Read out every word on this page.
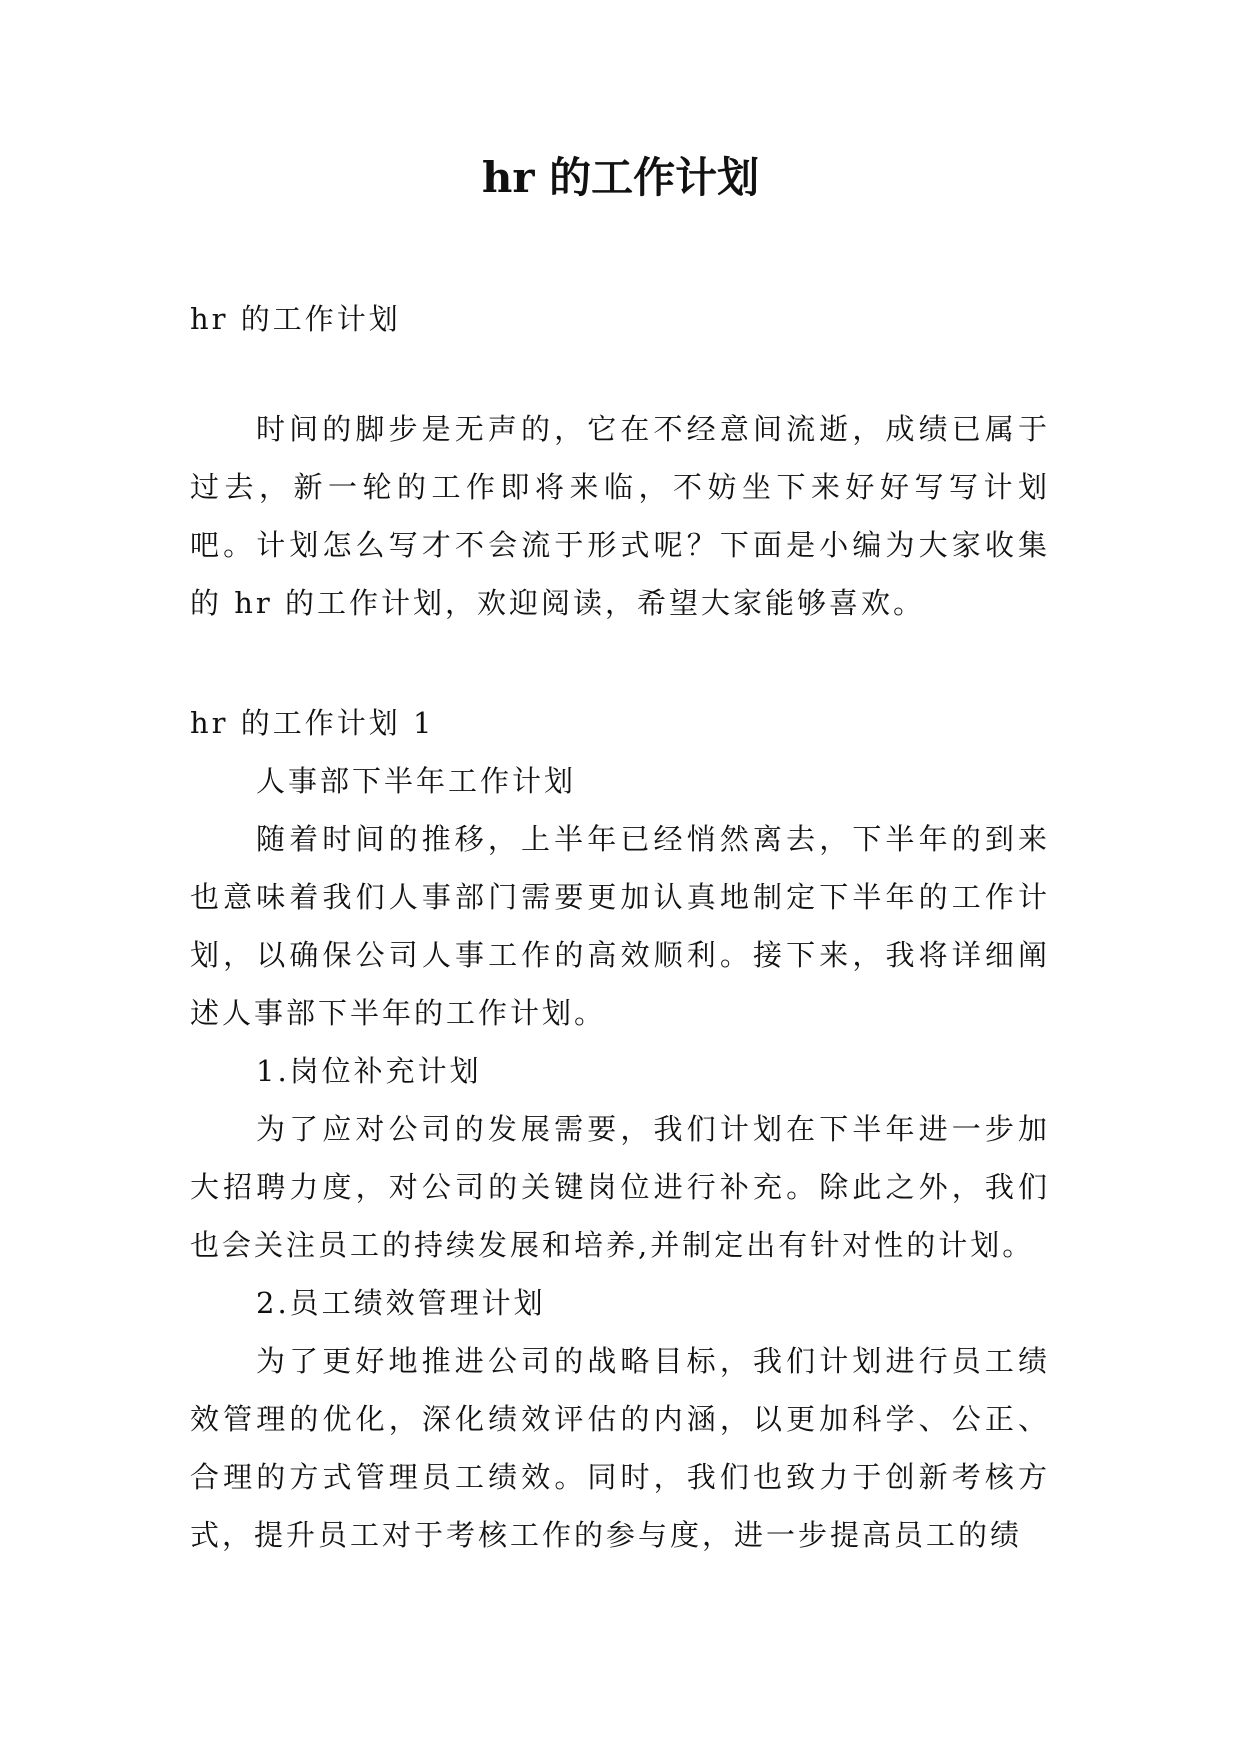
hr 的工作计划

hr 的工作计划

时间的脚步是无声的，它在不经意间流逝，成绩已属于过去，新一轮的工作即将来临，不妨坐下来好好写写计划吧。计划怎么写才不会流于形式呢？下面是小编为大家收集的 hr 的工作计划，欢迎阅读，希望大家能够喜欢。

hr 的工作计划 1

人事部下半年工作计划

随着时间的推移，上半年已经悄然离去，下半年的到来也意味着我们人事部门需要更加认真地制定下半年的工作计划，以确保公司人事工作的高效顺利。接下来，我将详细阐述人事部下半年的工作计划。

1.岗位补充计划

为了应对公司的发展需要，我们计划在下半年进一步加大招聘力度，对公司的关键岗位进行补充。除此之外，我们也会关注员工的持续发展和培养,并制定出有针对性的计划。

2.员工绩效管理计划

为了更好地推进公司的战略目标，我们计划进行员工绩效管理的优化，深化绩效评估的内涵，以更加科学、公正、合理的方式管理员工绩效。同时，我们也致力于创新考核方式，提升员工对于考核工作的参与度，进一步提高员工的绩
